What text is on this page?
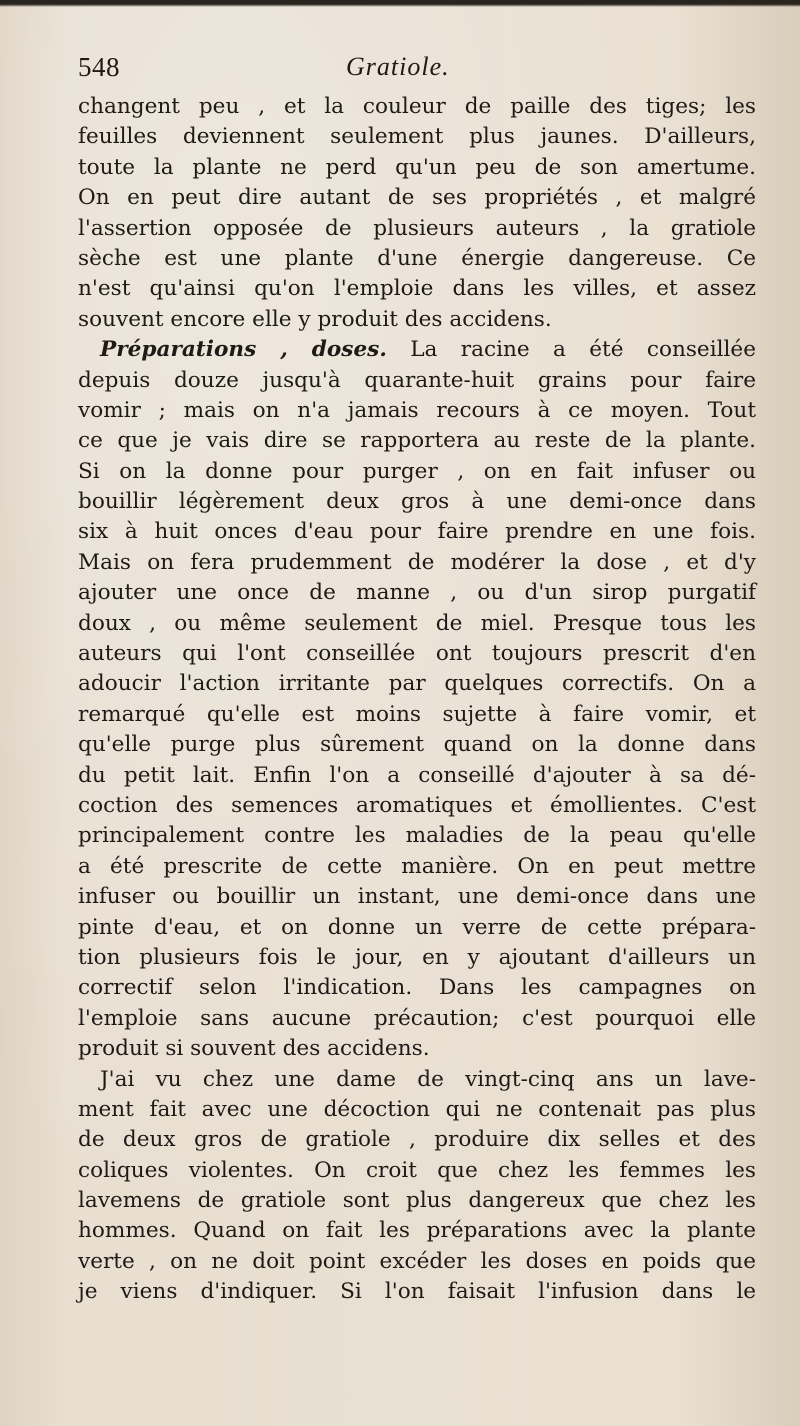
548	Gratiole.
changent peu , et la couleur de paille des tiges; les
feuilles deviennent seulement plus jaunes. D'ailleurs,
toute la plante ne perd qu'un peu de son amertume.
On en peut dire autant de ses propriétés , et malgré
l'assertion opposée de plusieurs auteurs , la gratiole
sèche est une plante d'une énergie dangereuse. Ce
n'est qu'ainsi qu'on l'emploie dans les villes, et assez
souvent encore elle y produit des accidens.
Préparations , doses. La racine a été conseillée
depuis douze jusqu'à quarante-huit grains pour faire
vomir ; mais on n'a jamais recours à ce moyen. Tout
ce que je vais dire se rapportera au reste de la plante.
Si on la donne pour purger , on en fait infuser ou
bouillir légèrement deux gros à une demi-once dans
six à huit onces d'eau pour faire prendre en une fois.
Mais on fera prudemment de modérer la dose , et d'y
ajouter une once de manne , ou d'un sirop purgatif
doux , ou même seulement de miel. Presque tous les
auteurs qui l'ont conseillée ont toujours prescrit d'en
adoucir l'action irritante par quelques correctifs. On a
remarqué qu'elle est moins sujette à faire vomir, et
qu'elle purge plus sûrement quand on la donne dans
du petit lait. Enfin l'on a conseillé d'ajouter à sa dé-
coction des semences aromatiques et émollientes. C'est
principalement contre les maladies de la peau qu'elle
a été prescrite de cette manière. On en peut mettre
infuser ou bouillir un instant, une demi-once dans une
pinte d'eau, et on donne un verre de cette prépara-
tion plusieurs fois le jour, en y ajoutant d'ailleurs un
correctif selon l'indication. Dans les campagnes on
l'emploie sans aucune précaution; c'est pourquoi elle
produit si souvent des accidens.
J'ai vu chez une dame de vingt-cinq ans un lave-
ment fait avec une décoction qui ne contenait pas plus
de deux gros de gratiole , produire dix selles et des
coliques violentes. On croit que chez les femmes les
lavemens de gratiole sont plus dangereux que chez les
hommes. Quand on fait les préparations avec la plante
verte , on ne doit point excéder les doses en poids que
je viens d'indiquer. Si l'on faisait l'infusion dans le
